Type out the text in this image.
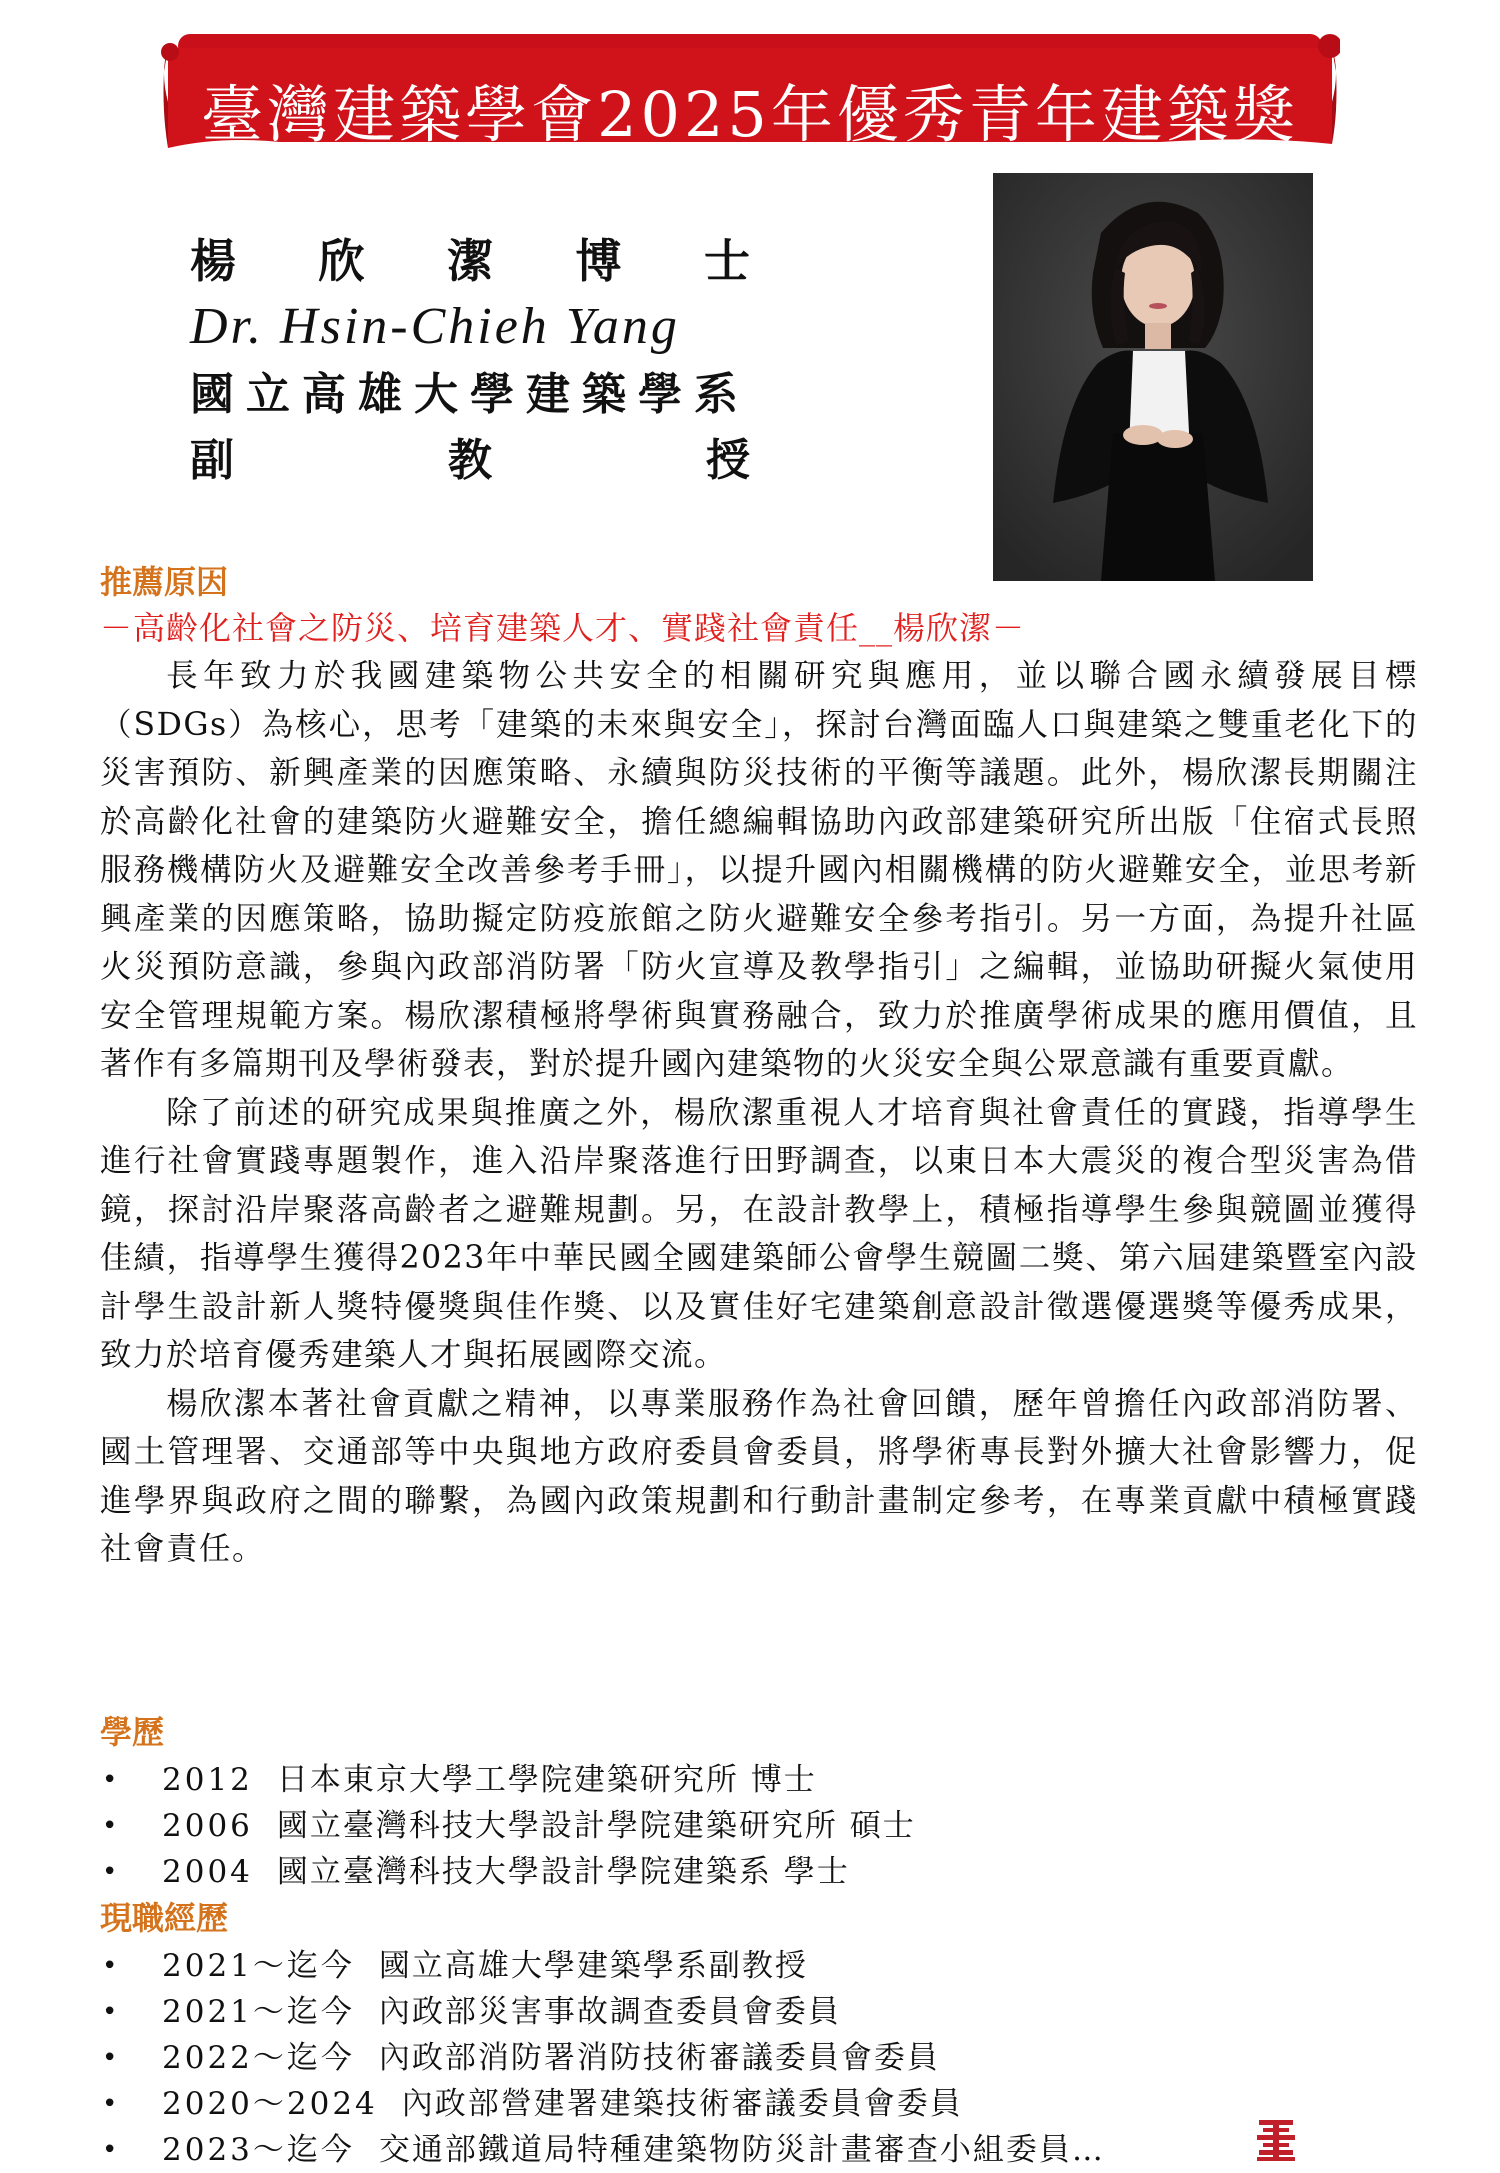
臺灣建築學會2025年優秀青年建築獎
楊 欣 潔 博 士
Dr. Hsin-Chieh Yang
國立高雄大學建築學系
副	教	授
推薦原因
－高齡化社會之防災、培育建築人才、實踐社會責任__楊欣潔－

長年致力於我國建築物公共安全的相關研究與應用，並以聯合國永續發展目標（SDGs）為核心，思考「建築的未來與安全」，探討台灣面臨人口與建築之雙重老化下的災害預防、新興產業的因應策略、永續與防災技術的平衡等議題。此外，楊欣潔長期關注於高齡化社會的建築防火避難安全，擔任總編輯協助內政部建築研究所出版「住宿式長照服務機構防火及避難安全改善參考手冊」，以提升國內相關機構的防火避難安全，並思考新興產業的因應策略，協助擬定防疫旅館之防火避難安全參考指引。另一方面，為提升社區火災預防意識，參與內政部消防署「防火宣導及教學指引」之編輯，並協助研擬火氣使用安全管理規範方案。楊欣潔積極將學術與實務融合，致力於推廣學術成果的應用價值，且著作有多篇期刊及學術發表，對於提升國內建築物的火災安全與公眾意識有重要貢獻。

除了前述的研究成果與推廣之外，楊欣潔重視人才培育與社會責任的實踐，指導學生進行社會實踐專題製作，進入沿岸聚落進行田野調查，以東日本大震災的複合型災害為借鏡，探討沿岸聚落高齡者之避難規劃。另，在設計教學上，積極指導學生參與競圖並獲得佳績，指導學生獲得2023年中華民國全國建築師公會學生競圖二獎、第六屆建築暨室內設計學生設計新人獎特優獎與佳作獎、以及實佳好宅建築創意設計徵選優選獎等優秀成果，致力於培育優秀建築人才與拓展國際交流。

楊欣潔本著社會貢獻之精神，以專業服務作為社會回饋，歷年曾擔任內政部消防署、國土管理署、交通部等中央與地方政府委員會委員，將學術專長對外擴大社會影響力，促進學界與政府之間的聯繫，為國內政策規劃和行動計畫制定參考，在專業貢獻中積極實踐社會責任。

學歷
• 2012 日本東京大學工學院建築研究所 博士
• 2006 國立臺灣科技大學設計學院建築研究所 碩士
• 2004 國立臺灣科技大學設計學院建築系 學士
現職經歷
• 2021～迄今 國立高雄大學建築學系副教授
• 2021～迄今 內政部災害事故調查委員會委員
• 2022～迄今 內政部消防署消防技術審議委員會委員
• 2020～2024 內政部營建署建築技術審議委員會委員
• 2023～迄今 交通部鐵道局特種建築物防災計畫審查小組委員…
